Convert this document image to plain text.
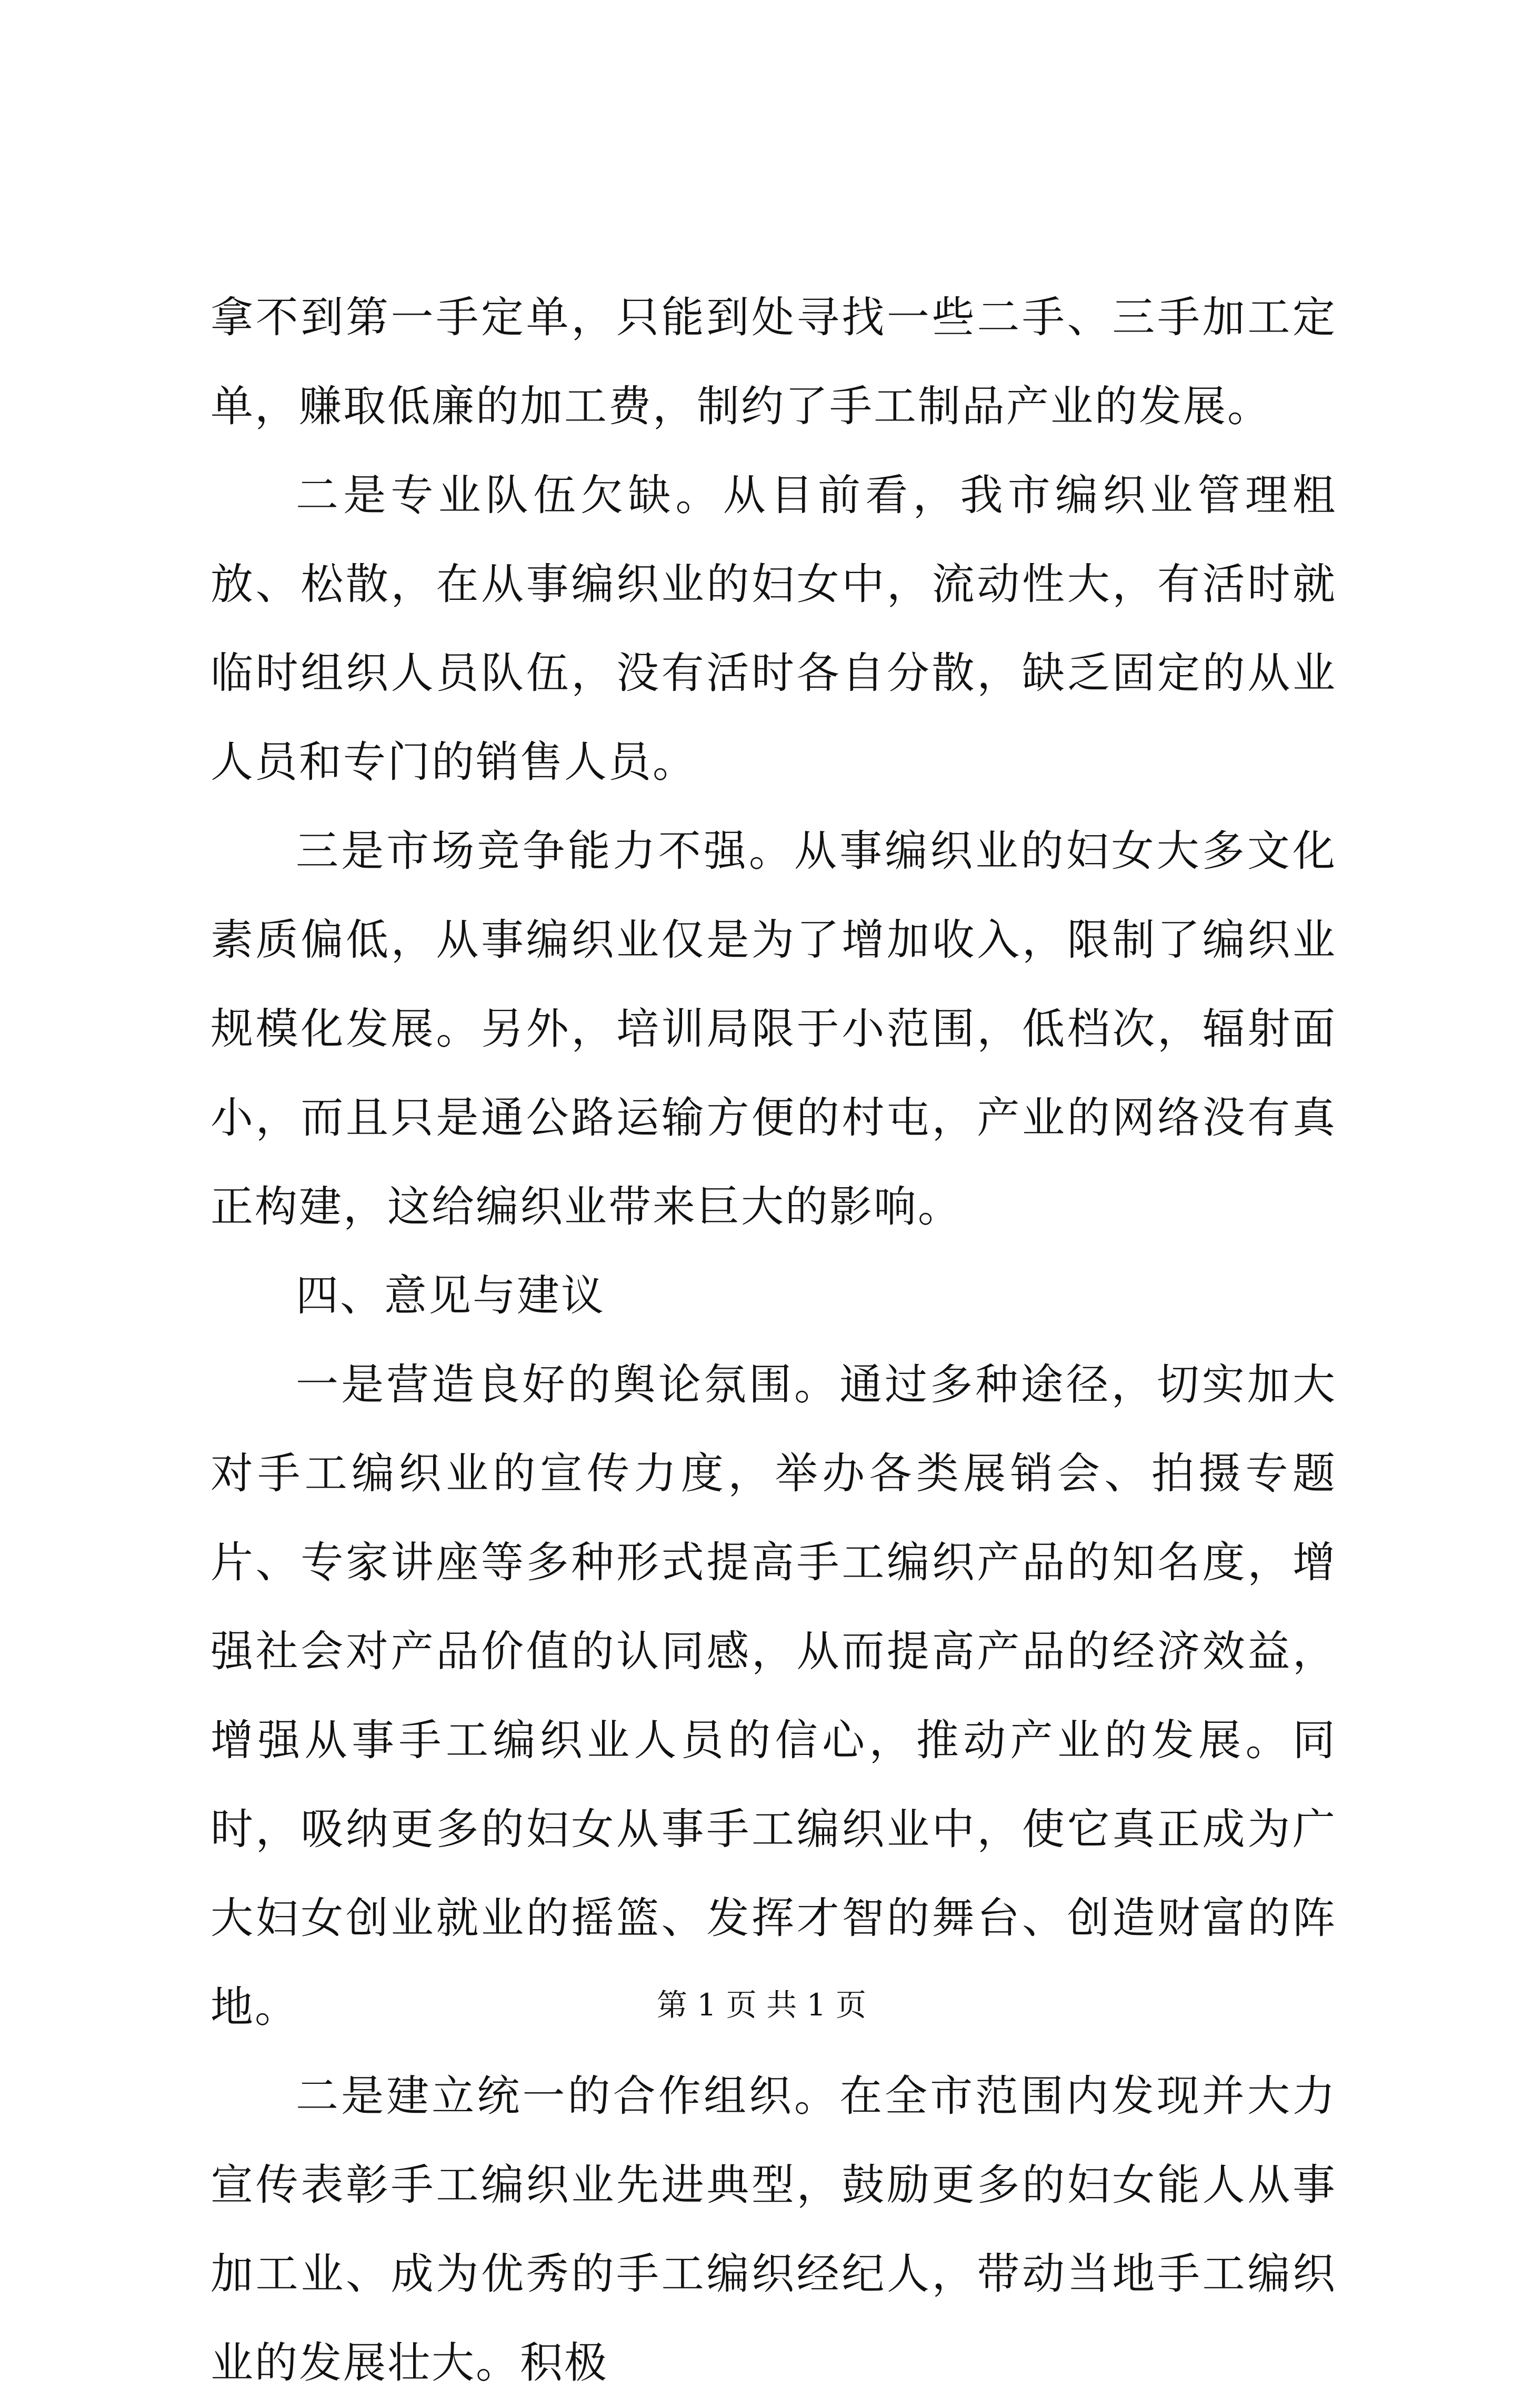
拿不到第一手定单，只能到处寻找一些二手、三手加工定单，赚取低廉的加工费，制约了手工制品产业的发展。

二是专业队伍欠缺。从目前看，我市编织业管理粗放、松散，在从事编织业的妇女中，流动性大，有活时就临时组织人员队伍，没有活时各自分散，缺乏固定的从业人员和专门的销售人员。

三是市场竞争能力不强。从事编织业的妇女大多文化素质偏低，从事编织业仅是为了增加收入，限制了编织业规模化发展。另外，培训局限于小范围，低档次，辐射面小，而且只是通公路运输方便的村屯，产业的网络没有真正构建，这给编织业带来巨大的影响。

四、意见与建议

一是营造良好的舆论氛围。通过多种途径，切实加大对手工编织业的宣传力度，举办各类展销会、拍摄专题片、专家讲座等多种形式提高手工编织产品的知名度，增强社会对产品价值的认同感，从而提高产品的经济效益，增强从事手工编织业人员的信心，推动产业的发展。同时，吸纳更多的妇女从事手工编织业中，使它真正成为广大妇女创业就业的摇篮、发挥才智的舞台、创造财富的阵地。

二是建立统一的合作组织。在全市范围内发现并大力宣传表彰手工编织业先进典型，鼓励更多的妇女能人从事加工业、成为优秀的手工编织经纪人，带动当地手工编织业的发展壮大。积极

第 1 页 共 1 页
